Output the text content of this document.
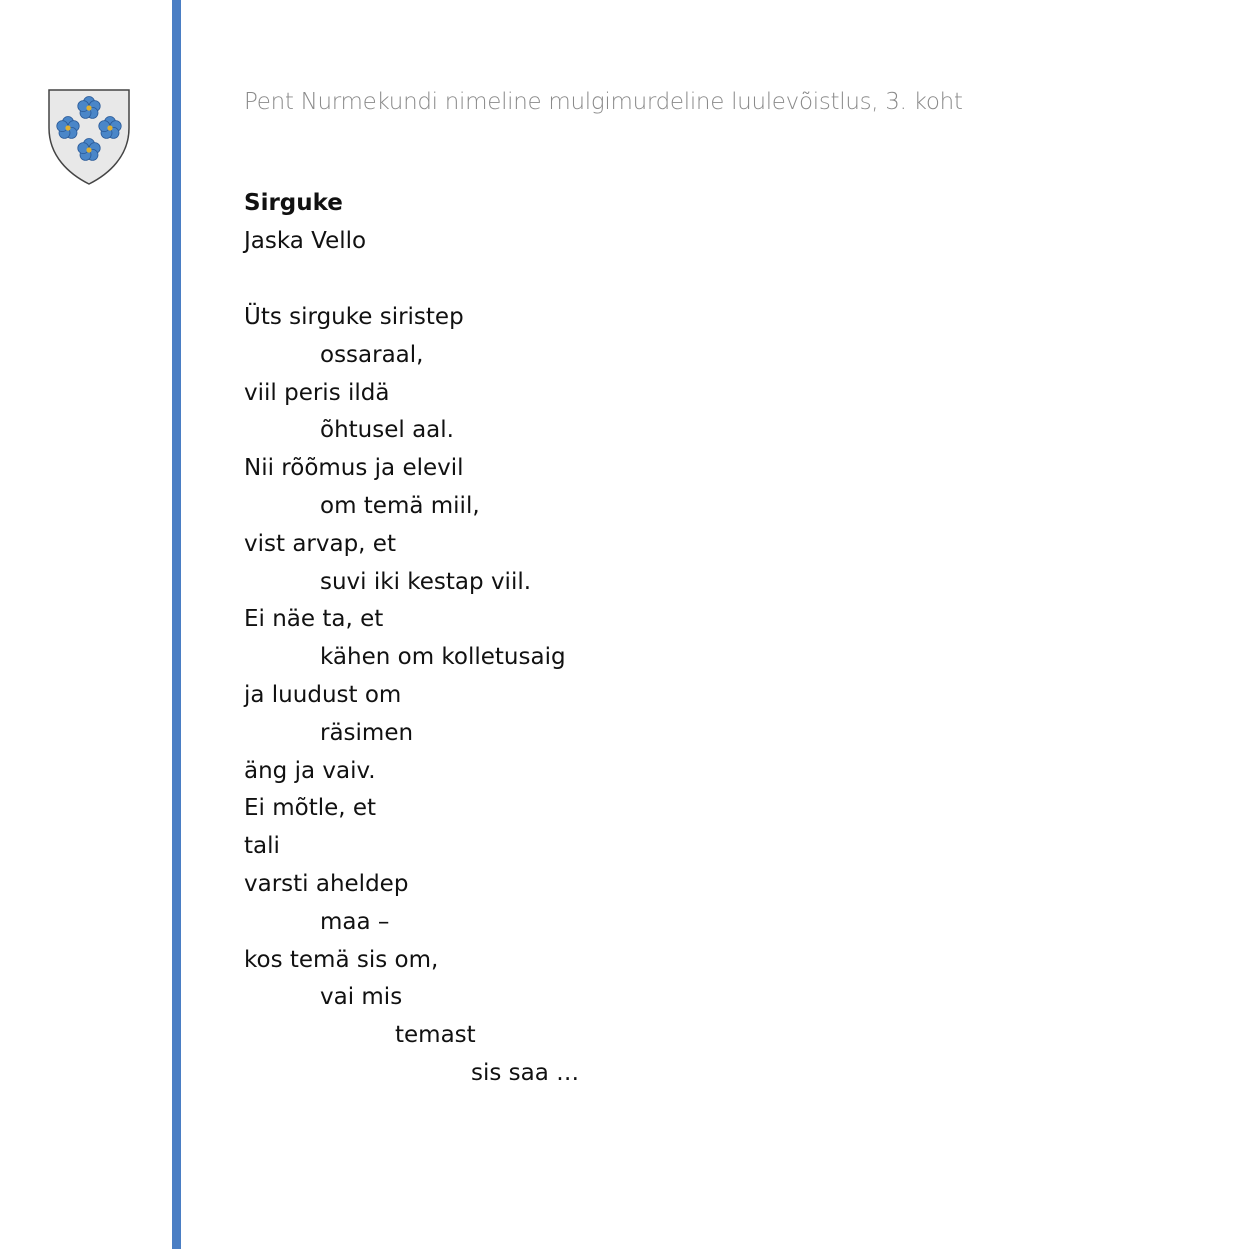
Pent Nurmekundi nimeline mulgimurdeline luulevõistlus, 3. koht
Sirguke
Jaska Vello
Üts sirguke siristep
ossaraal,
viil peris ildä
õhtusel aal.
Nii rõõmus ja elevil
om temä miil,
vist arvap, et
suvi iki kestap viil.
Ei näe ta, et
kähen om kolletusaig
ja luudust om
räsimen
äng ja vaiv.
Ei mõtle, et
tali
varsti aheldep
maa –
kos temä sis om,
vai mis
temast
sis saa …
